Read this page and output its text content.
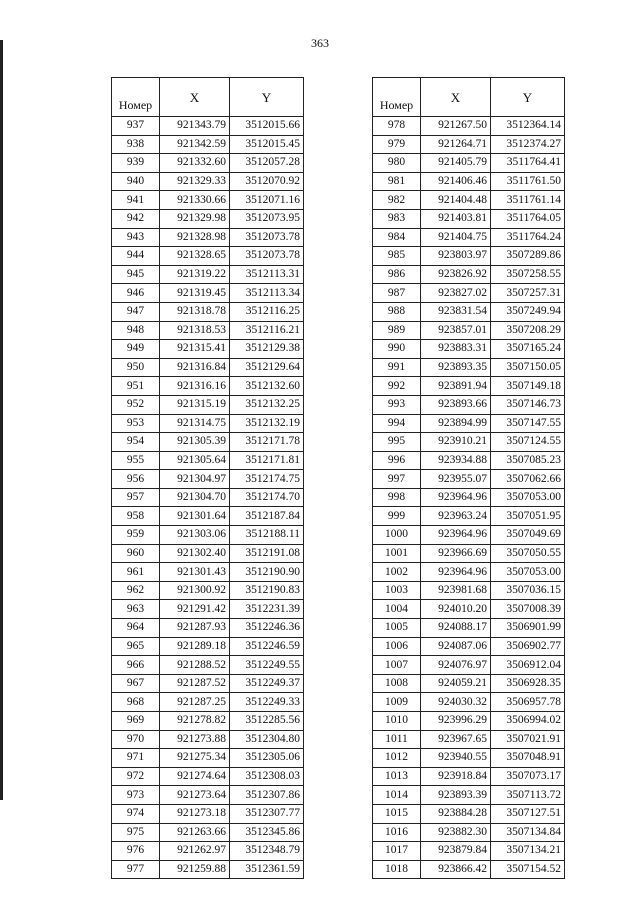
363
Номер	X	Y
937	921343.79	3512015.66
938	921342.59	3512015.45
939	921332.60	3512057.28
940	921329.33	3512070.92
941	921330.66	3512071.16
942	921329.98	3512073.95
943	921328.98	3512073.78
944	921328.65	3512073.78
945	921319.22	3512113.31
946	921319.45	3512113.34
947	921318.78	3512116.25
948	921318.53	3512116.21
949	921315.41	3512129.38
950	921316.84	3512129.64
951	921316.16	3512132.60
952	921315.19	3512132.25
953	921314.75	3512132.19
954	921305.39	3512171.78
955	921305.64	3512171.81
956	921304.97	3512174.75
957	921304.70	3512174.70
958	921301.64	3512187.84
959	921303.06	3512188.11
960	921302.40	3512191.08
961	921301.43	3512190.90
962	921300.92	3512190.83
963	921291.42	3512231.39
964	921287.93	3512246.36
965	921289.18	3512246.59
966	921288.52	3512249.55
967	921287.52	3512249.37
968	921287.25	3512249.33
969	921278.82	3512285.56
970	921273.88	3512304.80
971	921275.34	3512305.06
972	921274.64	3512308.03
973	921273.64	3512307.86
974	921273.18	3512307.77
975	921263.66	3512345.86
976	921262.97	3512348.79
977	921259.88	3512361.59
Номер	X	Y
978	921267.50	3512364.14
979	921264.71	3512374.27
980	921405.79	3511764.41
981	921406.46	3511761.50
982	921404.48	3511761.14
983	921403.81	3511764.05
984	921404.75	3511764.24
985	923803.97	3507289.86
986	923826.92	3507258.55
987	923827.02	3507257.31
988	923831.54	3507249.94
989	923857.01	3507208.29
990	923883.31	3507165.24
991	923893.35	3507150.05
992	923891.94	3507149.18
993	923893.66	3507146.73
994	923894.99	3507147.55
995	923910.21	3507124.55
996	923934.88	3507085.23
997	923955.07	3507062.66
998	923964.96	3507053.00
999	923963.24	3507051.95
1000	923964.96	3507049.69
1001	923966.69	3507050.55
1002	923964.96	3507053.00
1003	923981.68	3507036.15
1004	924010.20	3507008.39
1005	924088.17	3506901.99
1006	924087.06	3506902.77
1007	924076.97	3506912.04
1008	924059.21	3506928.35
1009	924030.32	3506957.78
1010	923996.29	3506994.02
1011	923967.65	3507021.91
1012	923940.55	3507048.91
1013	923918.84	3507073.17
1014	923893.39	3507113.72
1015	923884.28	3507127.51
1016	923882.30	3507134.84
1017	923879.84	3507134.21
1018	923866.42	3507154.52
